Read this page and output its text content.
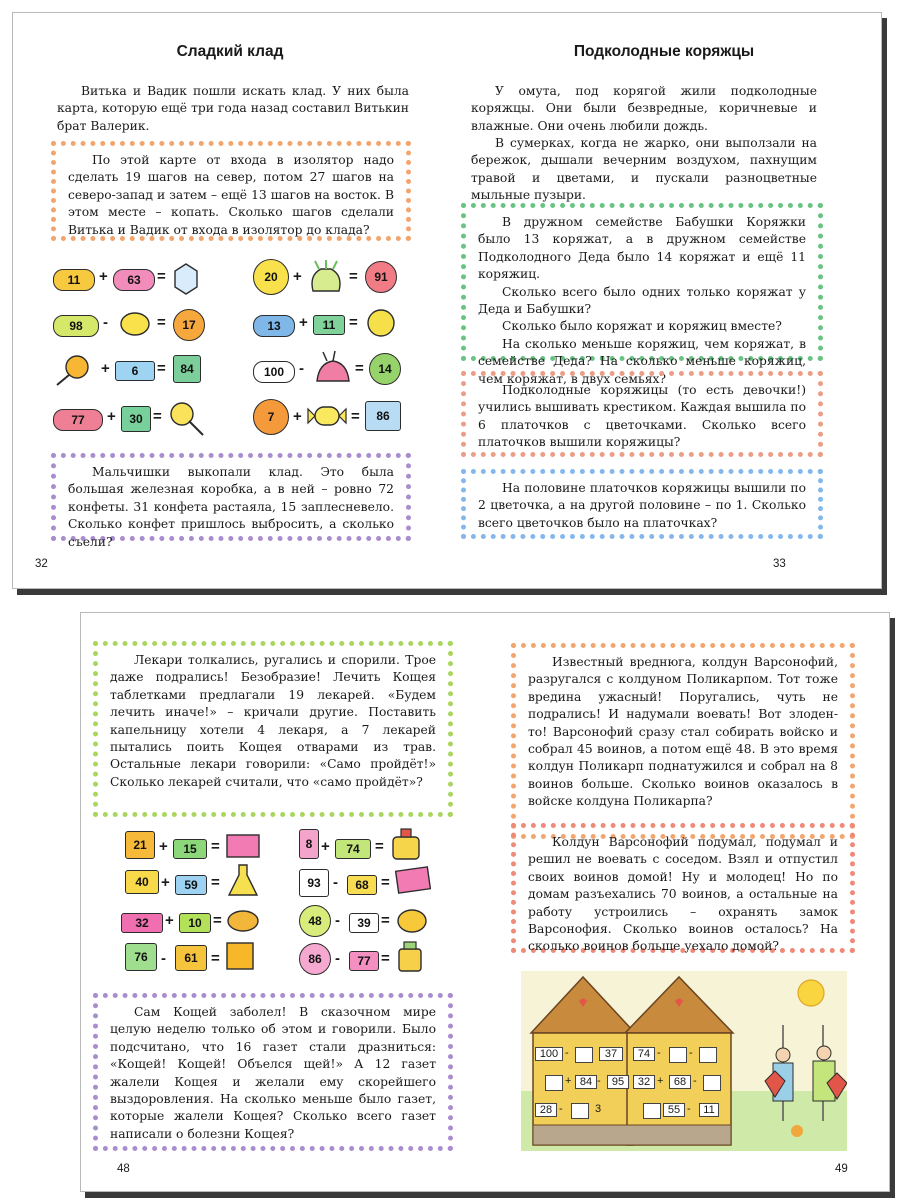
Сладкий клад

Витька и Вадик пошли искать клад. У них была карта, которую ещё три года назад составил Витькин брат Валерик.

По этой карте от входа в изолятор надо сделать 19 шагов на север, потом 27 шагов на северо-запад и затем – ещё 13 шагов на восток. В этом месте – копать. Сколько шагов сделали Витька и Вадик от входа в изолятор до клада?

11	+	63	=
98	-	=	17
+	6	=	84
77	+	30 =
20	+	=	91
13	+	11 =
100 -	=	14
7	+	=	86

Мальчишки выкопали клад. Это была большая железная коробка, а в ней – ровно 72 конфеты. 31 конфета растаяла, 15 заплесневело. Сколько конфет пришлось выбросить, а сколько съели?

32
Подколодные коряжцы

У омута, под корягой жили подколодные коряжцы. Они были безвредные, коричневые и влажные. Они очень любили дождь.

В сумерках, когда не жарко, они выползали на бережок, дышали вечерним воздухом, пахнущим травой и цветами, и пускали разноцветные мыльные пузыри.

В дружном семействе Бабушки Коряжки было 13 коряжат, а в дружном семействе Подколодного Деда было 14 коряжат и ещё 11 коряжиц.

Сколько всего было одних только коряжат у Деда и Бабушки?

Сколько было коряжат и коряжиц вместе?

На сколько меньше коряжиц, чем коряжат, в семействе Деда? На сколько меньше коряжиц, чем коряжат, в двух семьях?

Подколодные коряжицы (то есть девочки!) учились вышивать крестиком. Каждая вышила по 6 платочков с цветочками. Сколько всего платочков вышили коряжицы?

На половине платочков коряжицы вышили по 2 цветочка, а на другой половине – по 1. Сколько всего цветочков было на платочках?

33

Лекари толкались, ругались и спорили. Трое даже подрались! Безобразие! Лечить Кощея таблетками предлагали 19 лекарей. «Будем лечить иначе!» – кричали другие. Поставить капельницу хотели 4 лекаря, а 7 лекарей пытались поить Кощея отварами из трав. Остальные лекари говорили: «Само пройдёт!» Сколько лекарей считали, что «само пройдёт»?

21 +	15 =
40 +	59 =
32	+	10 =
76 -	61 =
8 +	74	=
93 -	68 =
48 -	39 =
86 -	77 =

Сам Кощей заболел! В сказочном мире целую неделю только об этом и говорили. Было подсчитано, что 16 газет стали дразниться: «Кощей! Кощей! Объелся щей!» А 12 газет жалели Кощея и желали ему скорейшего выздоровления. На сколько меньше было газет, которые жалели Кощея? Сколько всего газет написали о болезни Кощея?

48

Известный вреднюга, колдун Варсонофий, разругался с колдуном Поликарпом. Тот тоже вредина ужасный! Поругались, чуть не подрались! И надумали воевать! Вот злоден-то! Варсонофий сразу стал собирать войско и собрал 45 воинов, а потом ещё 48. В это время колдун Поликарп поднатужился и собрал на 8 воинов больше. Сколько воинов оказалось в войске колдуна Поликарпа?

Колдун Варсонофий подумал, подумал и решил не воевать с соседом. Взял и отпустил своих воинов домой! Ну и молодец! Но по домам разъехались 70 воинов, а остальные на работу устроились – охранять замок Варсонофия. Сколько воинов осталось? На сколько воинов больше уехало домой?

100 -	37
+ 84 -	95
28 -	3
74 -	-
32 + 68 -
55 -	11
49
